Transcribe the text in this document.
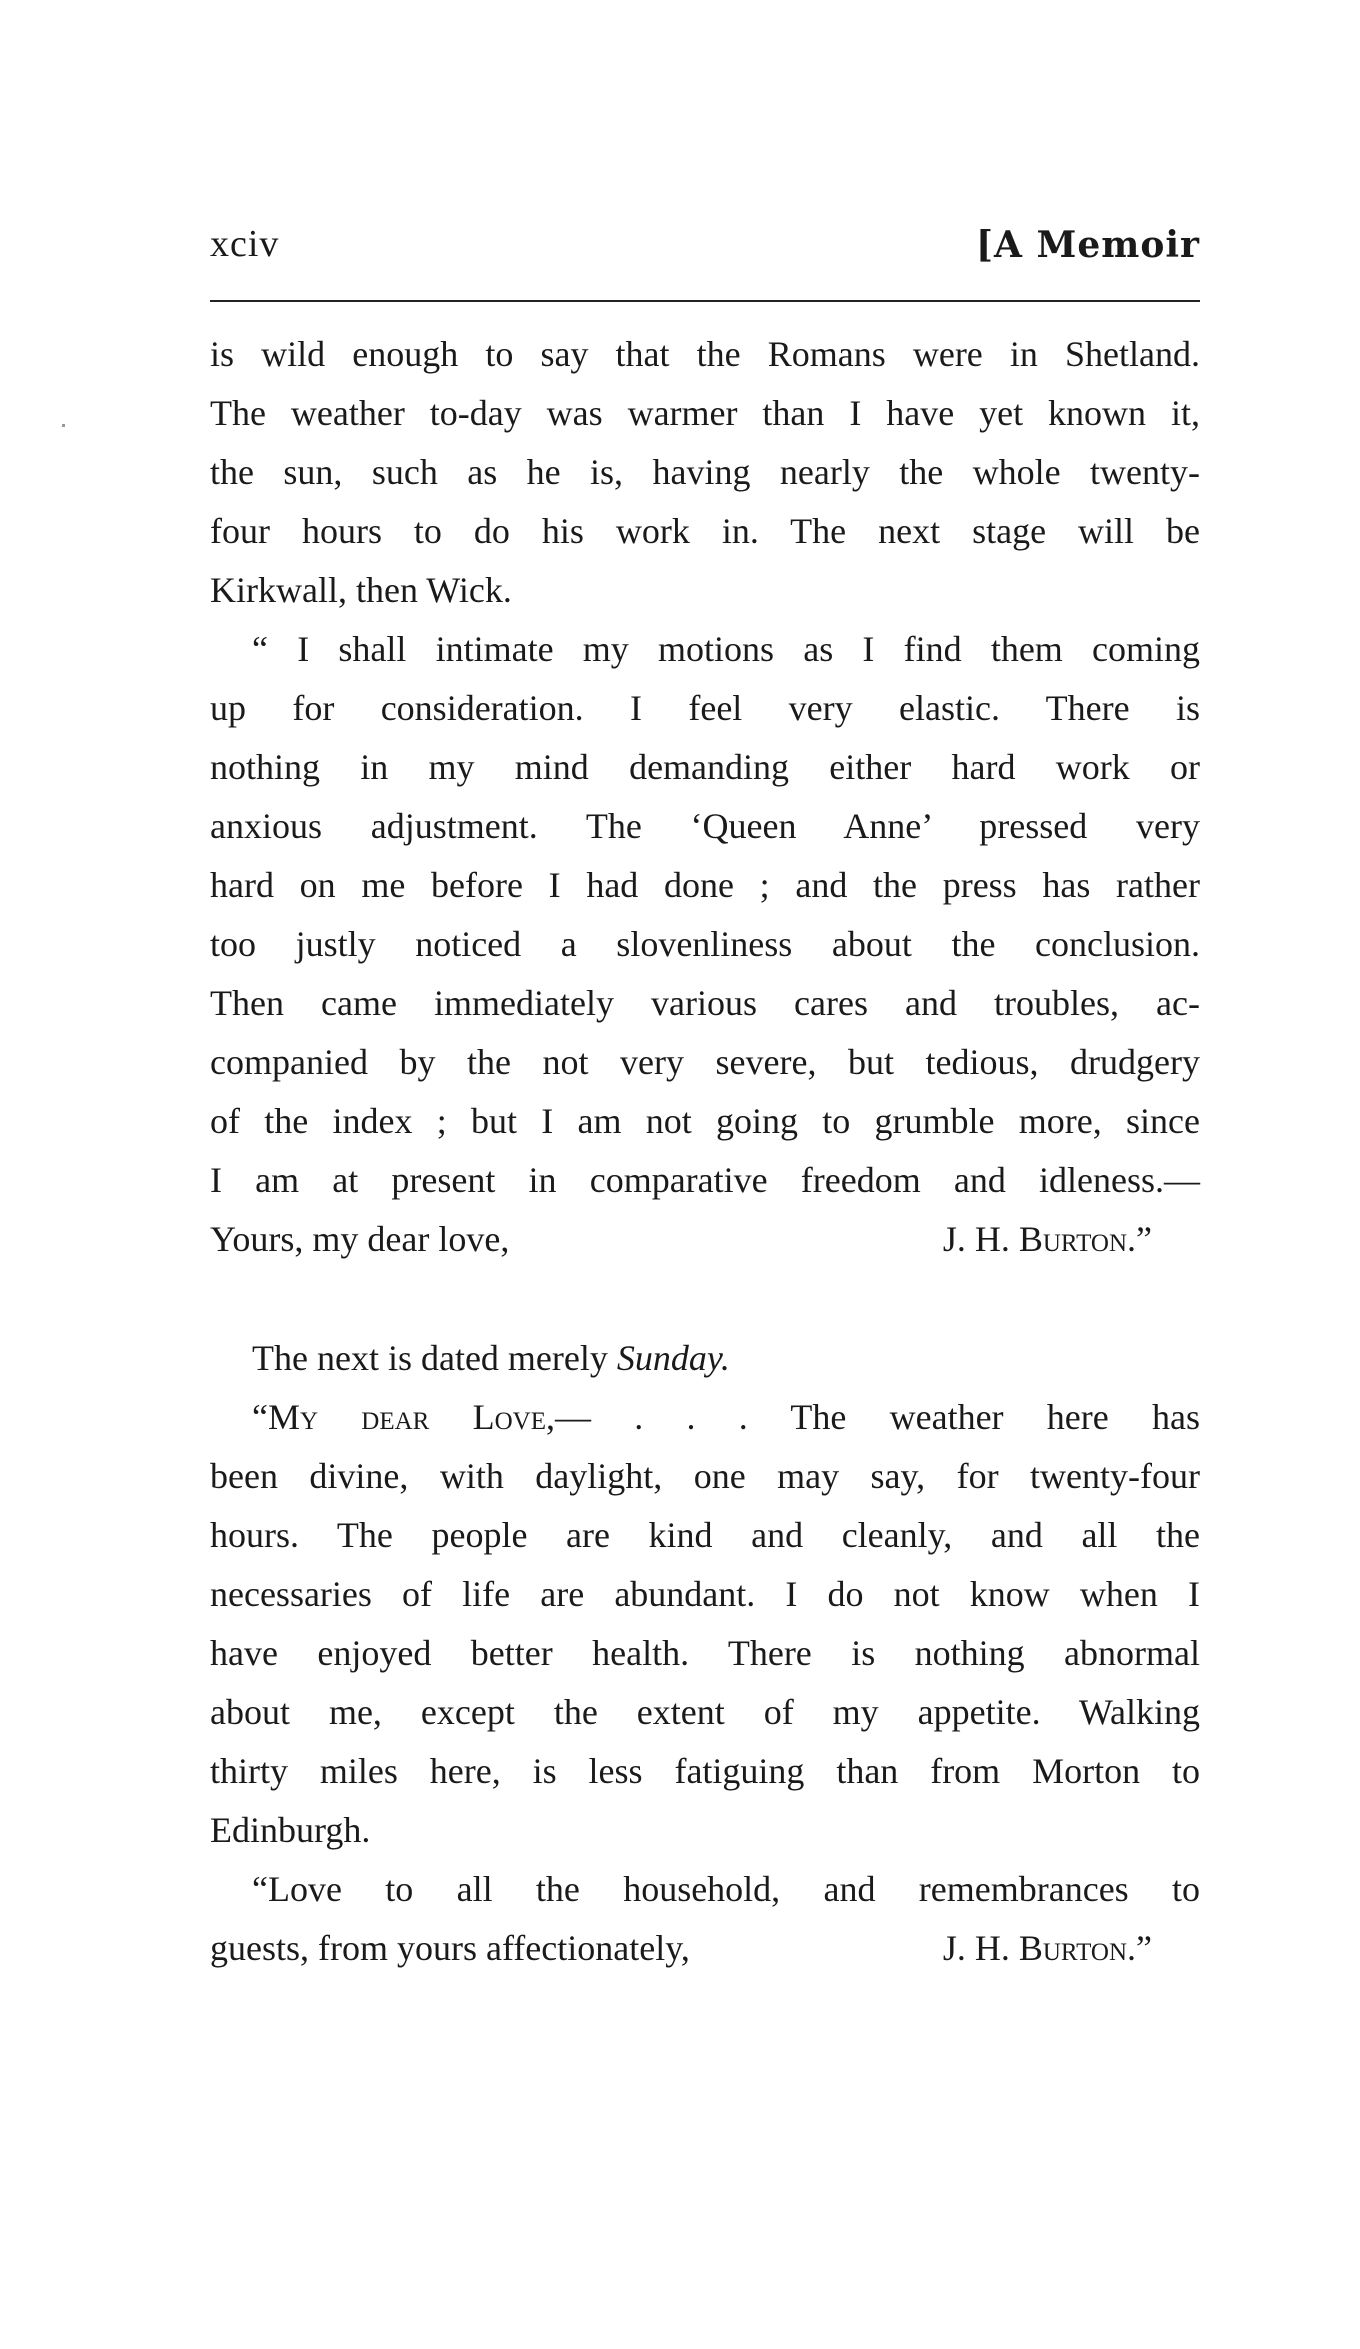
xciv	[A Memoir
is wild enough to say that the Romans were in Shetland.
The weather to-day was warmer than I have yet known it,
the sun, such as he is, having nearly the whole twenty-
four hours to do his work in. The next stage will be
Kirkwall, then Wick.
“ I shall intimate my motions as I find them coming
up for consideration. I feel very elastic. There is
nothing in my mind demanding either hard work or
anxious adjustment. The ‘Queen Anne’ pressed very
hard on me before I had done ; and the press has rather
too justly noticed a slovenliness about the conclusion.
Then came immediately various cares and troubles, ac-
companied by the not very severe, but tedious, drudgery
of the index ; but I am not going to grumble more, since
I am at present in comparative freedom and idleness.—
Yours, my dear love,	J. H. Burton.”
The next is dated merely Sunday.
“My dear Love,— . . . The weather here has
been divine, with daylight, one may say, for twenty-four
hours. The people are kind and cleanly, and all the
necessaries of life are abundant. I do not know when I
have enjoyed better health. There is nothing abnormal
about me, except the extent of my appetite. Walking
thirty miles here, is less fatiguing than from Morton to
Edinburgh.
“Love to all the household, and remembrances to
guests, from yours affectionately,	J. H. Burton.”
